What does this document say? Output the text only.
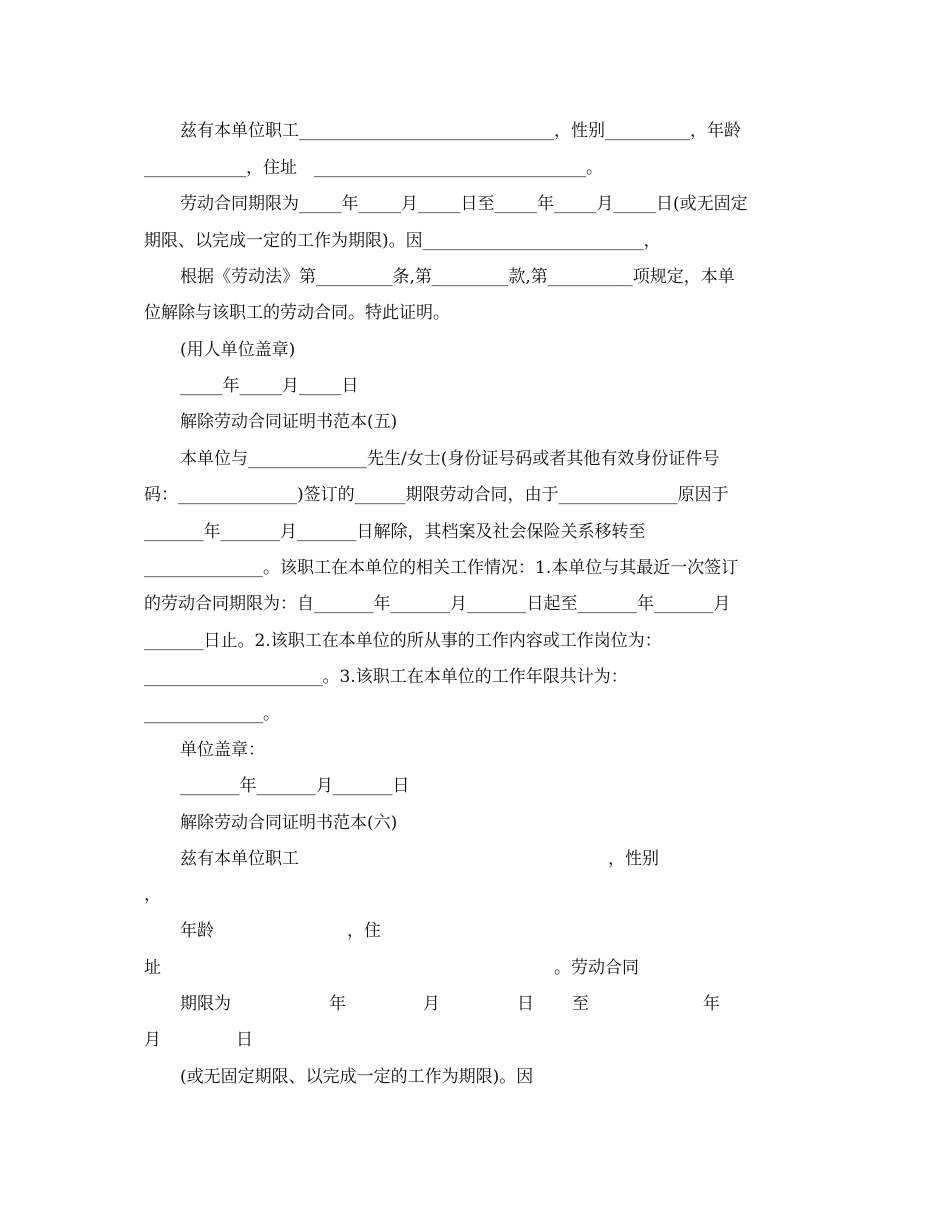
兹有本单位职工______________________________，性别__________，年龄
____________，住址　________________________________。
劳动合同期限为_____年_____月_____日至_____年_____月_____日(或无固定
期限、以完成一定的工作为期限)。因__________________________，
根据《劳动法》第_________条,第_________款,第__________项规定，本单
位解除与该职工的劳动合同。特此证明。
(用人单位盖章)
_____年_____月_____日
解除劳动合同证明书范本(五)
本单位与______________先生/女士(身份证号码或者其他有效身份证件号
码：______________)签订的______期限劳动合同，由于______________原因于
_______年_______月_______日解除，其档案及社会保险关系移转至
______________。该职工在本单位的相关工作情况：1.本单位与其最近一次签订
的劳动合同期限为：自_______年_______月_______日起至_______年_______月
_______日止。2.该职工在本单位的所从事的工作内容或工作岗位为：
_____________________。3.该职工在本单位的工作年限共计为：
______________。
单位盖章：
_______年_______月_______日
解除劳动合同证明书范本(六)
兹有本单位职工	，性别
，
年龄	，住
址	。劳动合同
期限为	年	月	日 至	年
月	日
(或无固定期限、以完成一定的工作为期限)。因
